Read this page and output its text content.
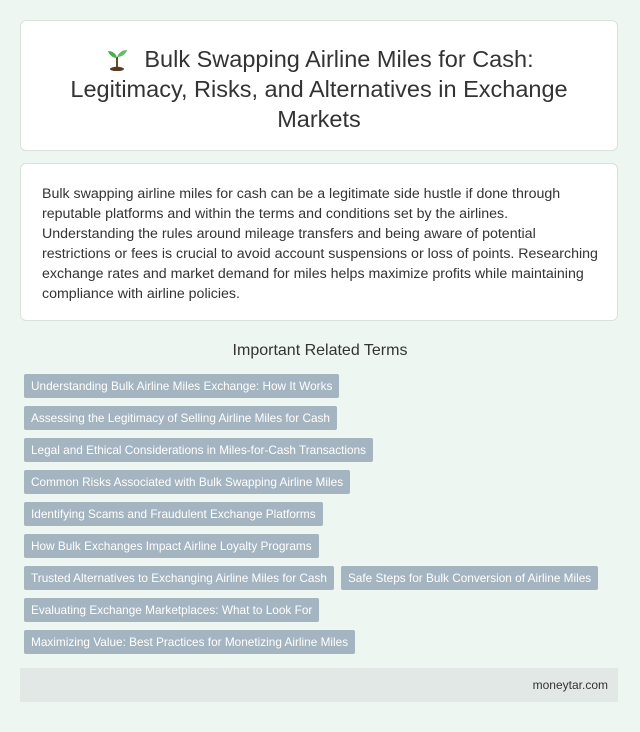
Bulk Swapping Airline Miles for Cash:
Legitimacy, Risks, and Alternatives in Exchange
Markets
Bulk swapping airline miles for cash can be a legitimate side hustle if done through reputable platforms and within the terms and conditions set by the airlines. Understanding the rules around mileage transfers and being aware of potential restrictions or fees is crucial to avoid account suspensions or loss of points. Researching exchange rates and market demand for miles helps maximize profits while maintaining compliance with airline policies.
Important Related Terms
Understanding Bulk Airline Miles Exchange: How It Works
Assessing the Legitimacy of Selling Airline Miles for Cash
Legal and Ethical Considerations in Miles-for-Cash Transactions
Common Risks Associated with Bulk Swapping Airline Miles
Identifying Scams and Fraudulent Exchange Platforms
How Bulk Exchanges Impact Airline Loyalty Programs
Trusted Alternatives to Exchanging Airline Miles for Cash Safe Steps for Bulk Conversion of Airline Miles
Evaluating Exchange Marketplaces: What to Look For
Maximizing Value: Best Practices for Monetizing Airline Miles
moneytar.com
